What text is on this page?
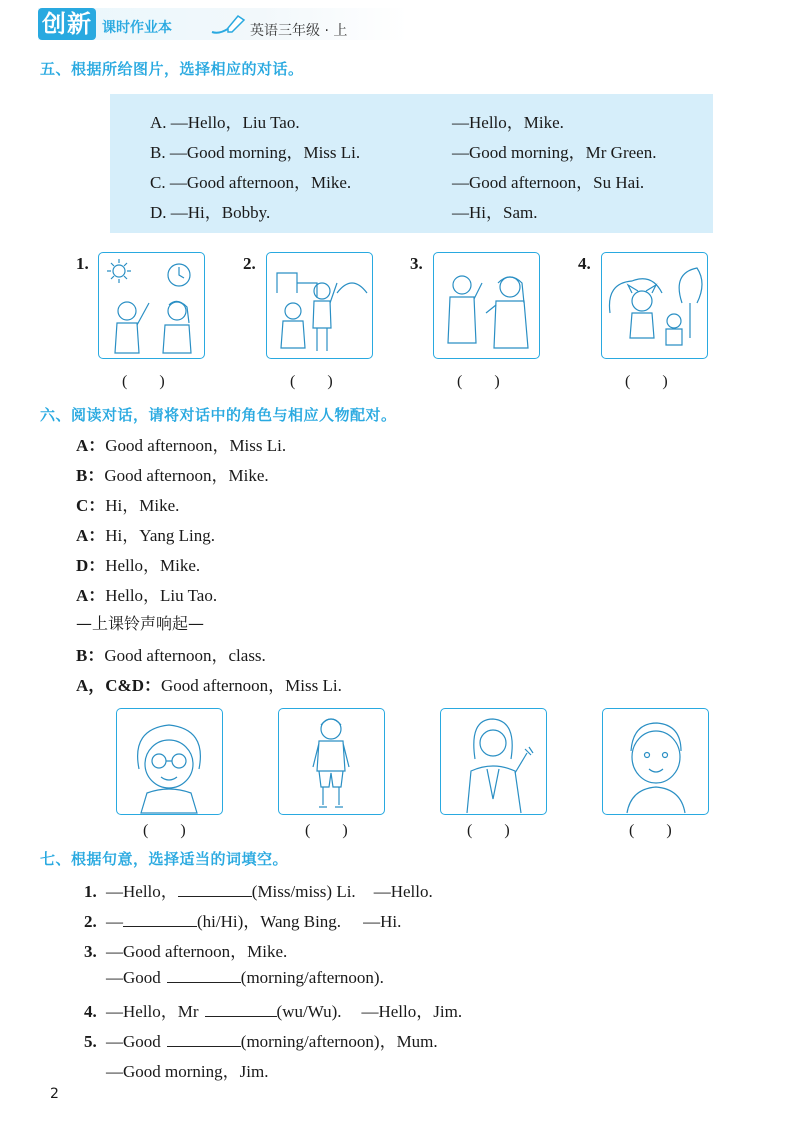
创新 课时作业本	英语三年级 · 上
五、根据所给图片，选择相应的对话。
A. —Hello，Liu Tao.	—Hello，Mike.
B. —Good morning，Miss Li.	—Good morning，Mr Green.
C. —Good afternoon，Mike.	—Good afternoon，Su Hai.
D. —Hi，Bobby.	—Hi，Sam.
1.
(　　)
2.
(　　)
3.
(　　)
4.
(　　)
六、阅读对话，请将对话中的角色与相应人物配对。
A：Good afternoon，Miss Li.
B：Good afternoon，Mike.
C：Hi，Mike.
A：Hi，Yang Ling.
D：Hello，Mike.
A：Hello，Liu Tao.
—上课铃声响起—
B：Good afternoon，class.
A，C&D：Good afternoon，Miss Li.
(　　)	(　　)	(　　)	(　　)
七、根据句意，选择适当的词填空。
1. —Hello，	(Miss/miss) Li. —Hello.
2. —	(hi/Hi)，Wang Bing. —Hi.
3. —Good afternoon，Mike.
—Good	(morning/afternoon).
4. —Hello，Mr	(wu/Wu). —Hello，Jim.
5. —Good	(morning/afternoon)，Mum.
—Good morning，Jim.
2
